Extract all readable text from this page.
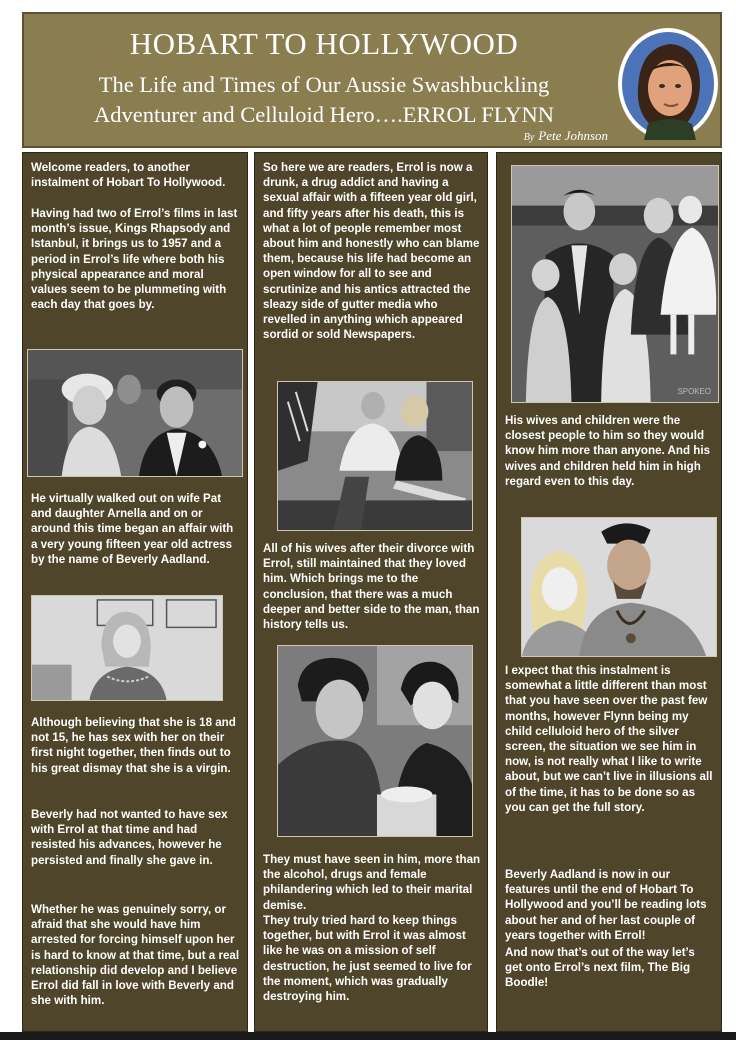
HOBART TO HOLLYWOOD
The Life and Times of Our Aussie Swashbuckling
Adventurer and Celluloid Hero….ERROL FLYNN
By Pete Johnson

Welcome readers, to another instalment of Hobart To Hollywood.

Having had two of Errol’s films in last month’s issue, Kings Rhapsody and Istanbul, it brings us to 1957 and a period in Errol’s life where both his physical appearance and moral values seem to be plummeting with each day that goes by.

He virtually walked out on wife Pat and daughter Arnella and on or around this time began an affair with a very young fifteen year old actress by the name of Beverly Aadland.

Although believing that she is 18 and not 15, he has sex with her on their first night together, then finds out to his great dismay that she is a virgin.

Beverly had not wanted to have sex with Errol at that time and had resisted his advances, however he persisted and finally she gave in.

Whether he was genuinely sorry, or afraid that she would have him arrested for forcing himself upon her is hard to know at that time, but a real relationship did develop and I believe Errol did fall in love with Beverly and she with him.

So here we are readers, Errol is now a drunk, a drug addict and having a sexual affair with a fifteen year old girl, and fifty years after his death, this is what a lot of people remember most about him and honestly who can blame them, because his life had become an open window for all to see and scrutinize and his antics attracted the sleazy side of gutter media who revelled in anything which appeared sordid or sold Newspapers.

All of his wives after their divorce with Errol, still maintained that they loved him. Which brings me to the conclusion, that there was a much deeper and better side to the man, than history tells us.

They must have seen in him, more than the alcohol, drugs and female philandering which led to their marital demise.

They truly tried hard to keep things together, but with Errol it was almost like he was on a mission of self destruction, he just seemed to live for the moment, which was gradually destroying him.

SPOKEO

His wives and children were the closest people to him so they would know him more than anyone. And his wives and children held him in high regard even to this day.

I expect that this instalment is somewhat a little different than most that you have seen over the past few months, however Flynn being my child celluloid hero of the silver screen, the situation we see him in now, is not really what I like to write about, but we can’t live in illusions all of the time, it has to be done so as you can get the full story.

Beverly Aadland is now in our features until the end of Hobart To Hollywood and you’ll be reading lots about her and of her last couple of years together with Errol!

And now that’s out of the way let’s get onto Errol’s next film, The Big Boodle!
